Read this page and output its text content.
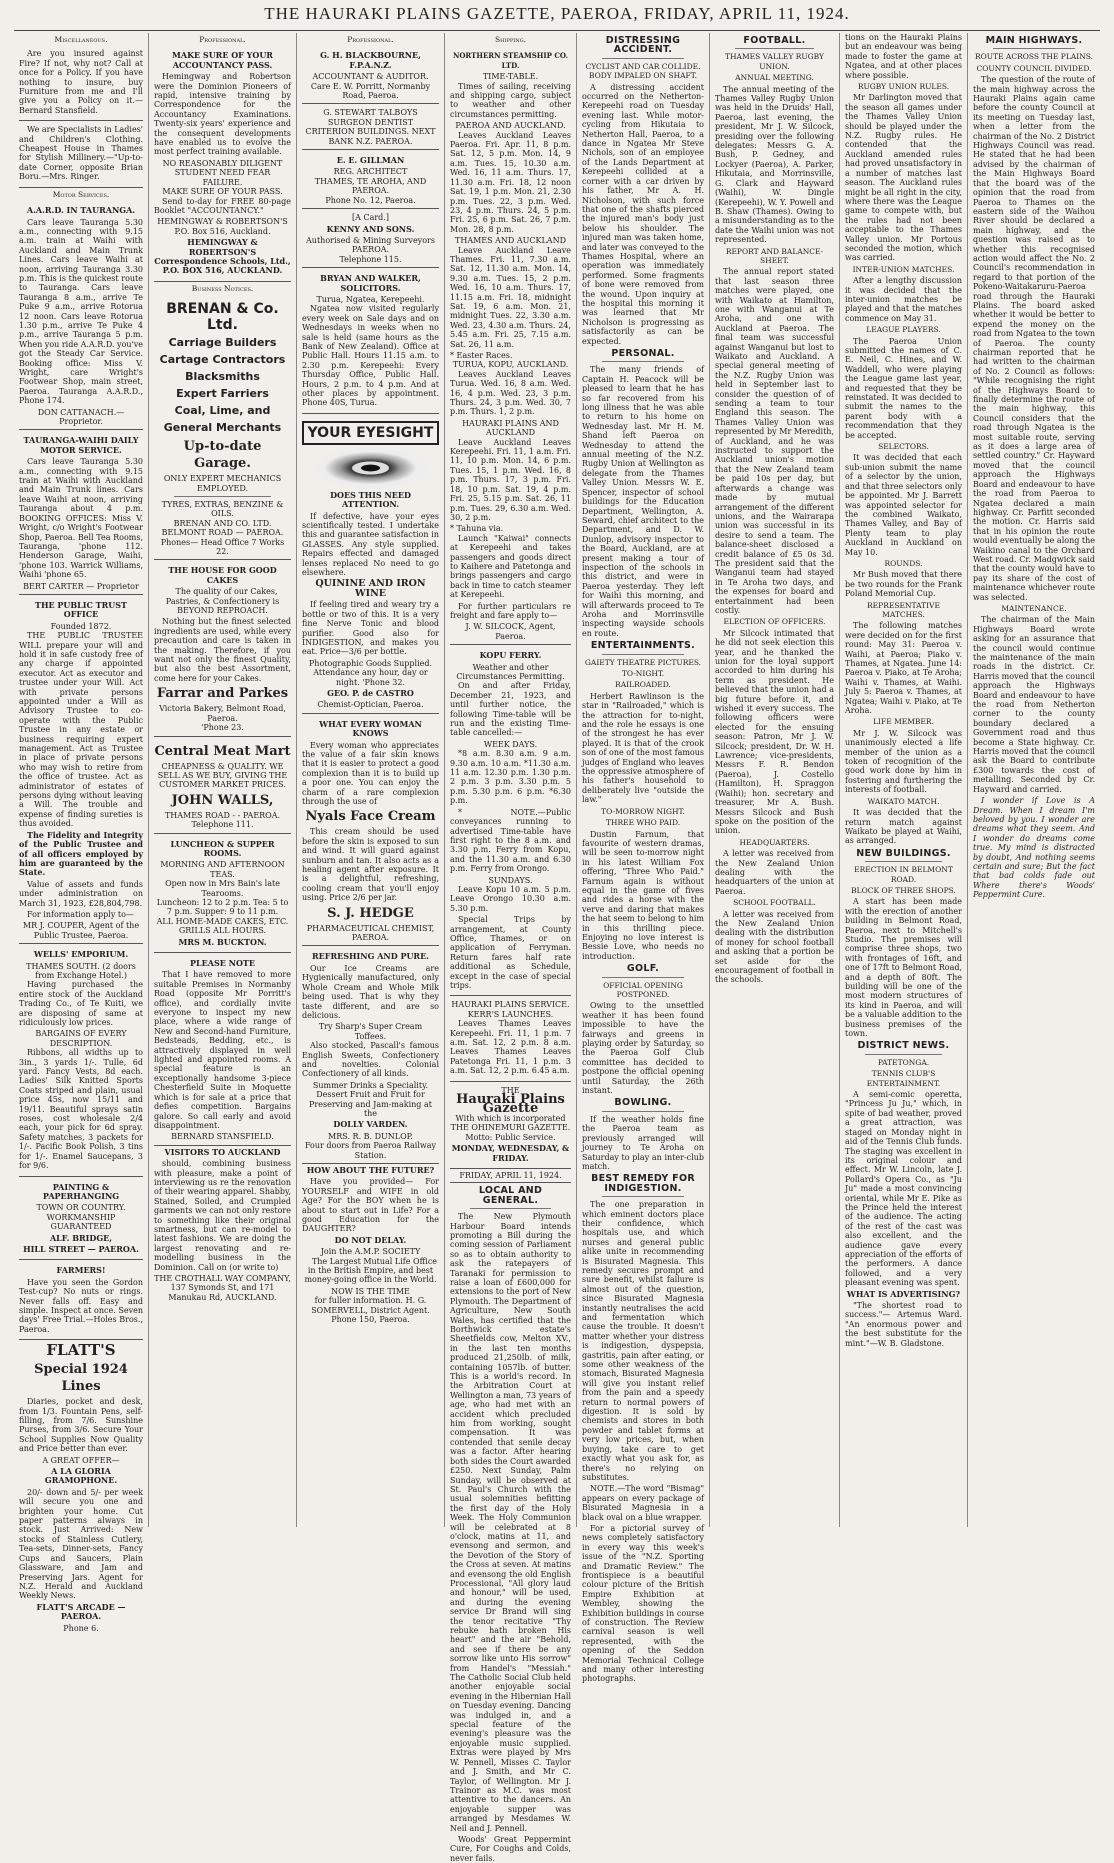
THE HAURAKI PLAINS GAZETTE, PAEROA, FRIDAY, APRIL 11, 1924.
Miscellaneous.

Are you insured against Fire? If not, why not? Call at once for a Policy. If you have nothing to insure, buy Furniture from me and I'll give you a Policy on it.—Bernard Stansfield.

We are Specialists in Ladies' and Children's Clothing. Cheapest House in Thames for Stylish Millinery.—"Up-to-date Corner, opposite Brian Boru.—Mrs. Ringer.

Motor Services.
A.A.R.D. IN TAURANGA.

Cars leave Tauranga 5.30 a.m., connecting with 9.15 a.m. train at Waihi with Auckland and Main Trunk Lines. Cars leave Waihi at noon, arriving Tauranga 3.30 p.m. This is the quickest route to Tauranga. Cars leave Tauranga 8 a.m., arrive Te Puke 9 a.m., arrive Rotorua 12 noon. Cars leave Rotorua 1.30 p.m., arrive Te Puke 4 p.m., arrive Tauranga 5 p.m. When you ride A.A.R.D. you've got the Steady Car Service. Booking office: Miss V. Wright, care Wright's Footwear Shop, main street, Paeroa. Tauranga A.A.R.D., Phone 174.

DON CATTANACH.—Proprietor.
TAURANGA-WAIHI DAILY MOTOR SERVICE.

Cars leave Tauranga 5.30 a.m., connecting with 9.15 train at Waihi with Auckland and Main Trunk lines. Cars leave Waihi at noon, arriving Tauranga about 4 p.m. BOOKING OFFICES: Miss V. Wright, c/o Wright's Footwear Shop, Paeroa. Bell Tea Rooms, Tauranga, 'phone 112. Henderson Garage, Waihi, 'phone 103. Warrick Williams, Waihi 'phone 65.

BERT CARTER — Proprietor
THE PUBLIC TRUST OFFICE
Founded 1872.

THE PUBLIC TRUSTEE WILL prepare your will and hold it in safe custody free of any charge if appointed executor. Act as executor and trustee under your Will. Act with private persons appointed under a Will as Advisory Trustee to co-operate with the Public Trustee in any estate or business requiring expert management. Act as Trustee in place of private persons who may wish to retire from the office of trustee. Act as administrator of estates of persons dying without leaving a Will. The trouble and expense of finding sureties is thus avoided.

The Fidelity and Integrity of the Public Trustee and of all officers employed by him are guaranteed by the State.

Value of assets and funds under administration on March 31, 1923, £28,804,798.

For information apply to—

MR J. COUPER, Agent of the Public Trustee, Paeroa.
WELLS' EMPORIUM.
THAMES SOUTH. (2 doors from Exchange Hotel.)

Having purchased the entire stock of the Auckland Trading Co., of Te Kuiti, we are disposing of same at ridiculously low prices.

BARGAINS OF EVERY DESCRIPTION.

Ribbons, all widths up to 3in., 3 yards 1/-. Tulle, 6d yard. Fancy Vests, 8d each. Ladies' Silk Knitted Sports Coats striped and plain, usual price 45s, now 15/11 and 19/11. Beautiful sprays satin roses, cost wholesale 2/4 each, your pick for 6d spray. Safety matches, 3 packets for 1/-. Pacific Book Polish, 3 tins for 1/-. Enamel Saucepans, 3 for 9/6.

PAINTING & PAPERHANGING
TOWN OR COUNTRY. WORKMANSHIP GUARANTEED
ALF. BRIDGE,
HILL STREET — PAEROA.
FARMERS!

Have you seen the Gordon Test-cup? No nuts or rings. Never falls off. Easy and simple. Inspect at once. Seven days' Free Trial.—Holes Bros., Paeroa.

FLATT'S
Special 1924 Lines

Diaries, pocket and desk, from 1/3. Fountain Pens, self-filling, from 7/6. Sunshine Purses, from 3/6. Secure Your School Supplies Now Quality and Price better than ever.

A GREAT OFFER—
A LA GLORIA GRAMOPHONE.

20/- down and 5/- per week will secure you one and brighten your home. Cut paper patterns always in stock. Just Arrived: New stocks of Stainless Cutlery, Tea-sets, Dinner-sets, Fancy Cups and Saucers, Plain Glassware, and Jam and Preserving Jars. Agent for N.Z. Herald and Auckland Weekly News.

FLATT'S ARCADE — PAEROA.
Phone 6.
Professional.
MAKE SURE OF YOUR ACCOUNTANCY PASS.

Hemingway and Robertson were the Dominion Pioneers of rapid, intensive training by Correspondence for the Accountancy Examinations. Twenty-six years' experience and the consequent developments have enabled us to evolve the most perfect training available.

NO REASONABLY DILIGENT STUDENT NEED FEAR FAILURE.
MAKE SURE OF YOUR PASS.

Send to-day for FREE 80-page Booklet "ACCOUNTANCY."

HEMINGWAY & ROBERTSON'S P.O. Box 516, Auckland.
HEMINGWAY & ROBERTSON'S Correspondence Schools, Ltd., P.O. BOX 516, AUCKLAND.
Business Notices.
BRENAN & Co. Ltd.
Carriage Builders
Cartage Contractors
Blacksmiths
Expert Farriers
Coal, Lime, and
General Merchants
Up-to-date Garage.
ONLY EXPERT MECHANICS EMPLOYED.
TYRES, EXTRAS, BENZINE & OILS.
BRENAN AND CO. LTD.
BELMONT ROAD — PAEROA.
Phones— Head Office 7 Works 22.
THE HOUSE FOR GOOD CAKES

The quality of our Cakes, Pastries, & Confectionery is BEYOND REPROACH.

Nothing but the finest selected ingredients are used, while every precaution and care is taken in the making. Therefore, if you want not only the finest Quality, but also the best Assortment, come here for your Cakes.

Farrar and Parkes
Victoria Bakery, Belmont Road, Paeroa.
'Phone 23.
Central Meat Mart
CHEAPNESS & QUALITY. WE SELL AS WE BUY, GIVING THE CUSTOMER MARKET PRICES.
JOHN WALLS,
THAMES ROAD - - PAEROA. Telephone 111.
LUNCHEON & SUPPER ROOMS.
MORNING AND AFTERNOON TEAS.
Open now in Mrs Bain's late Tearooms.
Luncheon: 12 to 2 p.m. Tea: 5 to 7 p.m. Supper: 9 to 11 p.m.
ALL HOME-MADE CAKES, ETC. GRILLS ALL HOURS.
MRS M. BUCKTON.
PLEASE NOTE

That I have removed to more suitable Premises in Normanby Road (opposite Mr Porritt's office), and cordially invite everyone to inspect my new place, where a wide range of New and Second-hand Furniture, Bedsteads, Bedding, etc., is attractively displayed in well lighted and appointed rooms. A special feature is an exceptionally handsome 3-piece Chesterfield Suite in Moquette which is for sale at a price that defies competition. Bargains galore. So call early and avoid disappointment.

BERNARD STANSFIELD.
VISITORS TO AUCKLAND

should, combining business with pleasure, make a point of interviewing us re the renovation of their wearing apparel. Shabby, Stained, Soiled, and Crumpled garments we can not only restore to something like their original smartness, but can re-model to latest fashions. We are doing the largest renovating and re-modelling business in the Dominion. Call on (or write to)

THE CROTHALL WAY COMPANY, 137 Symonds St, and 171 Manukau Rd, AUCKLAND.
Professional.
G. H. BLACKBOURNE, F.P.A.N.Z.
ACCOUNTANT & AUDITOR.
Care E. W. Porritt, Normanby Road, Paeroa.
G. STEWART TALBOYS SURGEON DENTIST
CRITERION BUILDINGS. NEXT BANK N.Z. PAEROA.
E. E. GILLMAN
REG. ARCHITECT
THAMES, TE AROHA, AND PAEROA.
Phone No. 12, Paeroa.
[A Card.]
KENNY AND SONS.
Authorised & Mining Surveyors PAEROA.
Telephone 115.
BRYAN AND WALKER, SOLICITORS.
Turua, Ngatea, Kerepeehi.

Ngatea now visited regularly every week on Sale days and on Wednesdays in weeks when no sale is held (same hours as the Bank of New Zealand). Office at Public Hall. Hours 11.15 a.m. to 2.30 p.m. Kerepeehi: Every Thursday Office, Public Hall. Hours, 2 p.m. to 4 p.m. And at other places by appointment. Phone 40S, Turua.

YOUR EYESIGHT
DOES THIS NEED ATTENTION.

If defective, have your eyes scientifically tested. I undertake this and guarantee satisfaction in GLASSES. Any style supplied. Repairs effected and damaged lenses replaced No need to go elsewhere.

QUININE AND IRON WINE

If feeling tired and weary try a bottle or two of this. It is a very fine Nerve Tonic and blood purifier. Good also for INDIGESTION, and makes you eat. Price—3/6 per bottle.

Photographic Goods Supplied.
Attendance any hour, day or night. 'Phone 32.
GEO. P. de CASTRO
Chemist-Optician, Paeroa.
WHAT EVERY WOMAN KNOWS

Every woman who appreciates the value of a fair skin knows that it is easier to protect a good complexion than it is to build up a poor one. You can enjoy the charm of a rare complexion through the use of

Nyals Face Cream

This cream should be used before the skin is exposed to sun and wind. It will guard against sunburn and tan. It also acts as a healing agent after exposure. It is a delightful, refreshing, cooling cream that you'll enjoy using. Price 2/6 per jar.

S. J. HEDGE
PHARMACEUTICAL CHEMIST, PAEROA.
REFRESHING AND PURE.

Our Ice Creams are Hygienically manufactured, only Whole Cream and Whole Milk being used. That is why they taste different, and are so delicious.

Try Sharp's Super Cream Toffees.

Also stocked, Pascall's famous English Sweets, Confectionery and novelties. Colonial Confectionery of all kinds.

Summer Drinks a Speciality.
Dessert Fruit and Fruit for Preserving and Jam-making at the
DOLLY VARDEN.
MRS. R. B. DUNLOP.
Four doors from Paeroa Railway Station.
HOW ABOUT THE FUTURE?

Have you provided— For YOURSELF and WIFE in old Age? For the BOY when he is about to start out in Life? For a good Education for the DAUGHTER?

DO NOT DELAY.
Join the A.M.P. SOCIETY

The Largest Mutual Life Office in the British Empire, and best money-going office in the World.

NOW IS THE TIME
for fuller information. H. G. SOMERVELL, District Agent. Phone 150, Paeroa.
Shipping.
NORTHERN STEAMSHIP CO. LTD.
TIME-TABLE.

Times of sailing, receiving and shipping cargo, subject to weather and other circumstances permitting.

PAEROA AND AUCKLAND.

Leaves Auckland Leaves Paeroa. Fri. Apr. 11, 8 p.m. Sat. 12, 5 p.m. Mon. 14, 9 a.m. Tues. 15, 10.30 a.m. Wed. 16, 11 a.m. Thurs. 17, 11.30 a.m. Fri. 18, 12 noon Sat. 19, 1 p.m. Mon. 21, 2.30 p.m. Tues. 22, 3 p.m. Wed. 23, 4 p.m. Thurs. 24, 5 p.m. Fri. 25, 6 p.m. Sat. 26, 7 p.m. Mon. 28, 8 p.m.

THAMES AND AUCKLAND

Leave Auckland Leave Thames. Fri. 11, 7.30 a.m. Sat. 12, 11.30 a.m. Mon. 14, 9.30 a.m. Tues. 15, 2 p.m. Wed. 16, 10 a.m. Thurs. 17, 11.15 a.m. Fri. 18, midnight Sat. 19, 6 a.m. Mon. 21, midnight Tues. 22, 3.30 a.m. Wed. 23, 4.30 a.m. Thurs. 24, 5.45 a.m. Fri. 25, 7.15 a.m. Sat. 26, 11 a.m.

* Easter Races.
TURUA, KOPU, AUCKLAND.

Leaves Auckland Leaves Turua. Wed. 16, 8 a.m. Wed. 16, 4 p.m. Wed. 23, 3 p.m. Thurs. 24, 3 p.m. Wed. 30, 7 p.m. Thurs. 1, 2 p.m.

HAURAKI PLAINS AND AUCKLAND

Leave Auckland Leaves Kerepeehi. Fri. 11, 1 a.m. Fri. 11, 10 p.m. Mon. 14, 6 p.m. Tues. 15, 1 p.m. Wed. 16, 8 p.m. Thurs. 17, 3 p.m. Fri. 18, 10 p.m. Sat. 19, 4 p.m. Fri. 25, 5.15 p.m. Sat. 26, 11 p.m. Tues. 29, 6.30 a.m. Wed. 30, 2 p.m.

* Tahuna via.

Launch "Kaiwai" connects at Kerepeehi and takes passengers and goods direct to Kaihere and Patetonga and brings passengers and cargo back in time to catch steamer at Kerepeehi.

For further particulars re freight and fare apply to—

J. W. SILCOCK, Agent, Paeroa.
KOPU FERRY.
Weather and other Circumstances Permitting.

On and after Friday, December 21, 1923, and until further notice, the following Time-table will be run and the existing Time-table cancelled:—

WEEK DAYS.

*8 a.m. 8.30 a.m. 9 a.m. 9.30 a.m. 10 a.m. *11.30 a.m. 11 a.m. 12.30 p.m. 1.30 p.m. 2 p.m. 3 p.m. 3.30 p.m. 5 p.m. 5.30 p.m. 6 p.m. *6.30 p.m.

* NOTE.—Public conveyances running to advertised Time-table have first right to the 8 a.m. and 3.30 p.m. Ferry from Kopu, and the 11.30 a.m. and 6.30 p.m. Ferry from Orongo.

SUNDAYS.

Leave Kopu 10 a.m. 5 p.m. Leave Orongo 10.30 a.m. 5.30 p.m.

Special Trips by arrangement, at County Office, Thames, or on application of Ferryman. Return fares half rate additional as Schedule, except in the case of special trips.

HAURAKI PLAINS SERVICE. KERR'S LAUNCHES.

Leaves Thames Leaves Kerepeehi. Fri. 11, 1 p.m. 7 a.m. Sat. 12, 2 p.m. 8 a.m. Leaves Thames Leaves Patetonga Fri. 11, 1 p.m. 3 a.m. Sat. 12, 2 p.m. 6.45 a.m.

THE
Hauraki Plains Gazette
With which is incorporated THE OHINEMURI GAZETTE.
Motto: Public Service.
MONDAY, WEDNESDAY, & FRIDAY.
FRIDAY, APRIL 11, 1924.
LOCAL AND GENERAL.

The New Plymouth Harbour Board intends promoting a Bill during the coming session of Parliament so as to obtain authority to ask the ratepayers of Taranaki for permission to raise a loan of £600,000 for extensions to the port of New Plymouth. The Department of Agriculture, New South Wales, has certified that the Borthwick estate's Sheetfields cow, Melton XV., in the last ten months produced 21,250lb. of milk, containing 1057lb. of butter. This is a world's record. In the Arbitration Court at Wellington a man, 73 years of age, who had met with an accident which precluded him from working, sought compensation. It was contended that senile decay was a factor. After hearing both sides the Court awarded £250. Next Sunday, Palm Sunday, will be observed at St. Paul's Church with the usual solemnities befitting the first day of the Holy Week. The Holy Communion will be celebrated at 8 o'clock, matins at 11, and evensong and sermon, and the Devotion of the Story of the Cross at seven. At matins and evensong the old English Processional, "All glory laud and honour," will be used, and during the evening service Dr Brand will sing the tenor recitative "Thy rebuke hath broken His heart" and the air "Behold, and see if there be any sorrow like unto His sorrow" from Handel's "Messiah." The Catholic Social Club held another enjoyable social evening in the Hibernian Hall on Tuesday evening. Dancing was indulged in, and a special feature of the evening's pleasure was the enjoyable music supplied. Extras were played by Mrs W. Pennell, Misses C. Taylor and J. Smith, and Mr C. Taylor, of Wellington. Mr J. Trainor as M.C. was most attentive to the dancers. An enjoyable supper was arranged by Mesdames W. Neil and J. Pennell.

Woods' Great Peppermint Cure, For Coughs and Colds, never fails.

DISTRESSING ACCIDENT.
CYCLIST AND CAR COLLIDE. BODY IMPALED ON SHAFT.

A distressing accident occurred on the Netherton-Kerepeehi road on Tuesday evening last. While motor-cycling from Hikutaia to Netherton Hall, Paeroa, to a dance in Ngatea Mr Steve Nichols, son of an employee of the Lands Department at Kerepeehi collided at a corner with a car driven by his father, Mr A. H. Nicholson, with such force that one of the shafts pierced the injured man's body just below his shoulder. The injured man was taken home, and later was conveyed to the Thames Hospital, where an operation was immediately performed. Some fragments of bone were removed from the wound. Upon inquiry at the hospital this morning it was learned that Mr Nicholson is progressing as satisfactorily as can be expected.

PERSONAL.

The many friends of Captain H. Peacock will be pleased to learn that he has so far recovered from his long illness that he was able to return to his home on Wednesday last. Mr H. M. Shand left Paeroa on Wednesday to attend the annual meeting of the N.Z. Rugby Union at Wellington as delegate from the Thames Valley Union. Messrs W. E. Spencer, inspector of school buildings for the Education Department, Wellington, A. Seward, chief architect to the Department, and D. W. Dunlop, advisory inspector to the Board, Auckland, are at present making a tour of inspection of the schools in this district, and were in Paeroa yesterday. They left for Waihi this morning, and will afterwards proceed to Te Aroha and Morrinsville inspecting wayside schools en route.

ENTERTAINMENTS.
GAIETY THEATRE PICTURES.
TO-NIGHT.
RAILROADED.

Herbert Rawlinson is the star in "Railroaded," which is the attraction for to-night, and the role he essays is one of the strongest he has ever played. It is that of the crook son of one of the most famous judges of England who leaves the oppressive atmosphere of his father's household to deliberately live "outside the law."

TO-MORROW NIGHT.
THREE WHO PAID.

Dustin Farnum, that favourite of western dramas, will be seen to-morrow night in his latest William Fox offering, "Three Who Paid." Farnum again is without equal in the game of fives and rides a horse with the verve and daring that makes the hat seem to belong to him in this thrilling piece. Enjoying no love interest is Bessie Love, who needs no introduction.

GOLF.
OFFICIAL OPENING POSTPONED.

Owing to the unsettled weather it has been found impossible to have the fairways and greens in playing order by Saturday, so the Paeroa Golf Club committee has decided to postpone the official opening until Saturday, the 26th instant.

BOWLING.

If the weather holds fine the Paeroa team as previously arranged will journey to Te Aroha on Saturday to play an inter-club match.

BEST REMEDY FOR INDIGESTION.

The one preparation in which eminent doctors place their confidence, which hospitals use, and which nurses and general public alike unite in recommending is Bisurated Magnesia. This remedy secures prompt and sure benefit, whilst failure is almost out of the question, since Bisurated Magnesia instantly neutralises the acid and fermentation which cause the trouble. It doesn't matter whether your distress is indigestion, dyspepsia, gastritis, pain after eating, or some other weakness of the stomach, Bisurated Magnesia will give you instant relief from the pain and a speedy return to normal powers of digestion. It is sold by chemists and stores in both powder and tablet forms at very low prices, but, when buying, take care to get exactly what you ask for, as there's no relying on substitutes.

NOTE.—The word "Bismag" appears on every package of Bisurated Magnesia in a black oval on a blue wrapper.

For a pictorial survey of news completely satisfactory in every way this week's issue of the "N.Z. Sporting and Dramatic Review." The frontispiece is a beautiful colour picture of the British Empire Exhibition at Wembley, showing the Exhibition buildings in course of construction. The Review carnival season is well represented, with the opening of the Seddon Memorial Technical College and many other interesting photographs.

FOOTBALL.
THAMES VALLEY RUGBY UNION.
ANNUAL MEETING.

The annual meeting of the Thames Valley Rugby Union was held in the Druids' Hall, Paeroa, last evening, the president, Mr J. W. Silcock, presiding over the following delegates: Messrs G. A. Bush, P. Gedney, and Lockyer (Paeroa), A. Parker, Hikutaia, and Morrinsville, G. Clark and Hayward (Waihi), W. Dingle (Kerepeehi), W. Y. Powell and B. Shaw (Thames). Owing to a misunderstanding as to the date the Waihi union was not represented.

REPORT AND BALANCE-SHEET.

The annual report stated that last season three matches were played, one with Waikato at Hamilton, one with Wanganui at Te Aroha, and one with Auckland at Paeroa. The final team was successful against Wanganui but lost to Waikato and Auckland. A special general meeting of the N.Z. Rugby Union was held in September last to consider the question of of sending a team to tour England this season. The Thames Valley Union was represented by Mr Meredith, of Auckland, and he was instructed to support the Auckland union's motion that the New Zealand team be paid 10s per day, but afterwards a change was made by mutual arrangement of the different unions, and the Wairarapa union was successful in its desire to send a team. The balance-sheet disclosed a credit balance of £5 0s 3d. The president said that the Wanganui team had stayed in Te Aroha two days, and the expenses for board and entertainment had been costly.

ELECTION OF OFFICERS.

Mr Silcock intimated that he did not seek election this year, and he thanked the union for the loyal support accorded to him during his term as president. He believed that the union had a big future before it, and wished it every success. The following officers were elected for the ensuing season: Patron, Mr J. W. Silcock; president, Dr. W. H. Lawrence; vice-presidents, Messrs F. R. Bendon (Paeroa), J. Costello (Hamilton), H. Spraggon (Waihi); hon. secretary and treasurer, Mr A. Bush. Messrs Silcock and Bush spoke on the position of the union.

HEADQUARTERS.

A letter was received from the New Zealand Union dealing with the headquarters of the union at Paeroa.

SCHOOL FOOTBALL.

A letter was received from the New Zealand Union dealing with the distribution of money for school football and asking that a portion be set aside for the encouragement of football in the schools.

tions on the Hauraki Plains but an endeavour was being made to foster the game at Ngatea, and at other places where possible.

RUGBY UNION RULES.

Mr Darlington moved that the season all games under the Thames Valley Union should be played under the N.Z. Rugby rules. He contended that the Auckland amended rules had proved unsatisfactory in a number of matches last season. The Auckland rules might be all right in the city, where there was the League game to compete with, but the rules had not been acceptable to the Thames Valley union. Mr Portous seconded the motion, which was carried.

INTER-UNION MATCHES.

After a lengthy discussion it was decided that the inter-union matches be played and that the matches commence on May 31.

LEAGUE PLAYERS.

The Paeroa Union submitted the names of C. E. Neil, C. Hines, and W. Waddell, who were playing the League game last year, and requested that they be reinstated. It was decided to submit the names to the parent body with a recommendation that they be accepted.

SELECTORS.

It was decided that each sub-union submit the name of a selector by the union, and that three selectors only be appointed. Mr J. Barrett was appointed selector for the combined Waikato, Thames Valley, and Bay of Plenty team to play Auckland in Auckland on May 10.

ROUNDS.

Mr Bush moved that there be two rounds for the Frank Poland Memorial Cup.

REPRESENTATIVE MATCHES.

The following matches were decided on for the first round: May 31: Paeroa v. Waihi, at Paeroa; Piako v. Thames, at Ngatea. June 14: Paeroa v. Piako, at Te Aroha; Waihi v. Thames, at Waihi. July 5: Paeroa v. Thames, at Ngatea; Waihi v. Piako, at Te Aroha.

LIFE MEMBER.

Mr J. W. Silcock was unanimously elected a life member of the union as a token of recognition of the good work done by him in fostering and furthering the interests of football.

WAIKATO MATCH.

It was decided that the return match against Waikato be played at Waihi, as arranged.

NEW BUILDINGS.
ERECTION IN BELMONT ROAD.
BLOCK OF THREE SHOPS.

A start has been made with the erection of another building in Belmont Road, Paeroa, next to Mitchell's Studio. The premises will comprise three shops, two with frontages of 16ft, and one of 17ft to Belmont Road, and a depth of 80ft. The building will be one of the most modern structures of its kind in Paeroa, and will be a valuable addition to the business premises of the town.

DISTRICT NEWS.
PATETONGA.
TENNIS CLUB'S ENTERTAINMENT.

A semi-comic operetta, "Princess Ju Ju," which, in spite of bad weather, proved a great attraction, was staged on Monday night in aid of the Tennis Club funds. The staging was excellent in its original colour and effect. Mr W. Lincoln, late J. Pollard's Opera Co., as "Ju Ju" made a most convincing oriental, while Mr E. Pike as the Prince held the interest of the audience. The acting of the rest of the cast was also excellent, and the audience gave every appreciation of the efforts of the performers. A dance followed, and a very pleasant evening was spent.

WHAT IS ADVERTISING?

"The shortest road to success."— Artemus Ward. "An enormous power and the best substitute for the mint."—W. B. Gladstone.

MAIN HIGHWAYS.
ROUTE ACROSS THE PLAINS.
COUNTY COUNCIL DIVIDED.

The question of the route of the main highway across the Hauraki Plains again came before the county Council at its meeting on Tuesday last, when a letter from the chairman of the No. 2 District Highways Council was read. He stated that he had been advised by the chairman of the Main Highways Board that the board was of the opinion that the road from Paeroa to Thames on the eastern side of the Waihou River should be declared a main highway, and the question was raised as to whether this recognised action would affect the No. 2 Council's recommendation in regard to that portion of the Pokeno-Waitakaruru-Paeroa road through the Hauraki Plains. The board asked whether it would be better to expend the money on the road from Ngatea to the town of Paeroa. The county chairman reported that he had written to the chairman of No. 2 Council as follows: "While recognising the right of the Highways Board to finally determine the route of the main highway, this Council considers that the road through Ngatea is the most suitable route, serving as it does a large area of settled country." Cr. Hayward moved that the council approach the Highways Board and endeavour to have the road from Paeroa to Ngatea declared a main highway. Cr. Parfitt seconded the motion. Cr. Harris said that in his opinion the route would eventually be along the Waikino canal to the Orchard West road. Cr. Madgwick said that the county would have to pay its share of the cost of maintenance whichever route was selected.

MAINTENANCE.

The chairman of the Main Highways Board wrote asking for an assurance that the council would continue the maintenance of the main roads in the district. Cr. Harris moved that the council approach the Highways Board and endeavour to have the road from Netherton corner to the county boundary declared a Government road and thus become a State highway. Cr. Harris moved that the council ask the Board to contribute £300 towards the cost of metalling. Seconded by Cr. Hayward and carried.

I wonder if Love is A Dream. When I dream I'm beloved by you. I wonder are dreams what they seem. And I wonder do dreams come true. My mind is distracted by doubt, And nothing seems certain and sure; But the fact that bad colds fade out Where there's Woods' Peppermint Cure.
